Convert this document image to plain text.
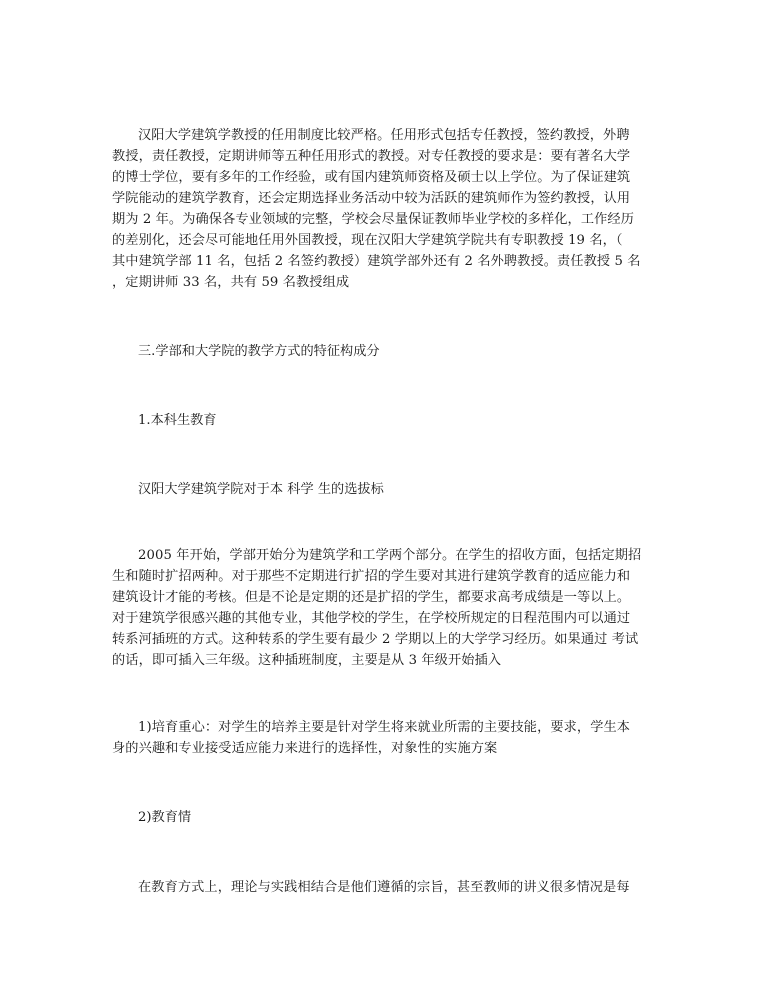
汉阳大学建筑学教授的任用制度比较严格。任用形式包括专任教授，签约教授，外聘
教授，责任教授，定期讲师等五种任用形式的教授。对专任教授的要求是：要有著名大学
的博士学位，要有多年的工作经验，或有国内建筑师资格及硕士以上学位。为了保证建筑
学院能动的建筑学教育，还会定期选择业务活动中较为活跃的建筑师作为签约教授，认用
期为 2 年。为确保各专业领域的完整，学校会尽量保证教师毕业学校的多样化，工作经历
的差别化，还会尽可能地任用外国教授，现在汉阳大学建筑学院共有专职教授 19 名，（
其中建筑学部 11 名，包括 2 名签约教授）建筑学部外还有 2 名外聘教授。责任教授 5 名
，定期讲师 33 名，共有 59 名教授组成

三.学部和大学院的教学方式的特征构成分

1.本科生教育

汉阳大学建筑学院对于本 科学 生的选拔标

2005 年开始，学部开始分为建筑学和工学两个部分。在学生的招收方面，包括定期招
生和随时扩招两种。对于那些不定期进行扩招的学生要对其进行建筑学教育的适应能力和
建筑设计才能的考核。但是不论是定期的还是扩招的学生，都要求高考成绩是一等以上。
对于建筑学很感兴趣的其他专业，其他学校的学生，在学校所规定的日程范围内可以通过
转系河插班的方式。这种转系的学生要有最少 2 学期以上的大学学习经历。如果通过 考试
的话，即可插入三年级。这种插班制度，主要是从 3 年级开始插入

1)培育重心：对学生的培养主要是针对学生将来就业所需的主要技能，要求，学生本
身的兴趣和专业接受适应能力来进行的选择性，对象性的实施方案

2)教育情

在教育方式上，理论与实践相结合是他们遵循的宗旨，甚至教师的讲义很多情况是每
